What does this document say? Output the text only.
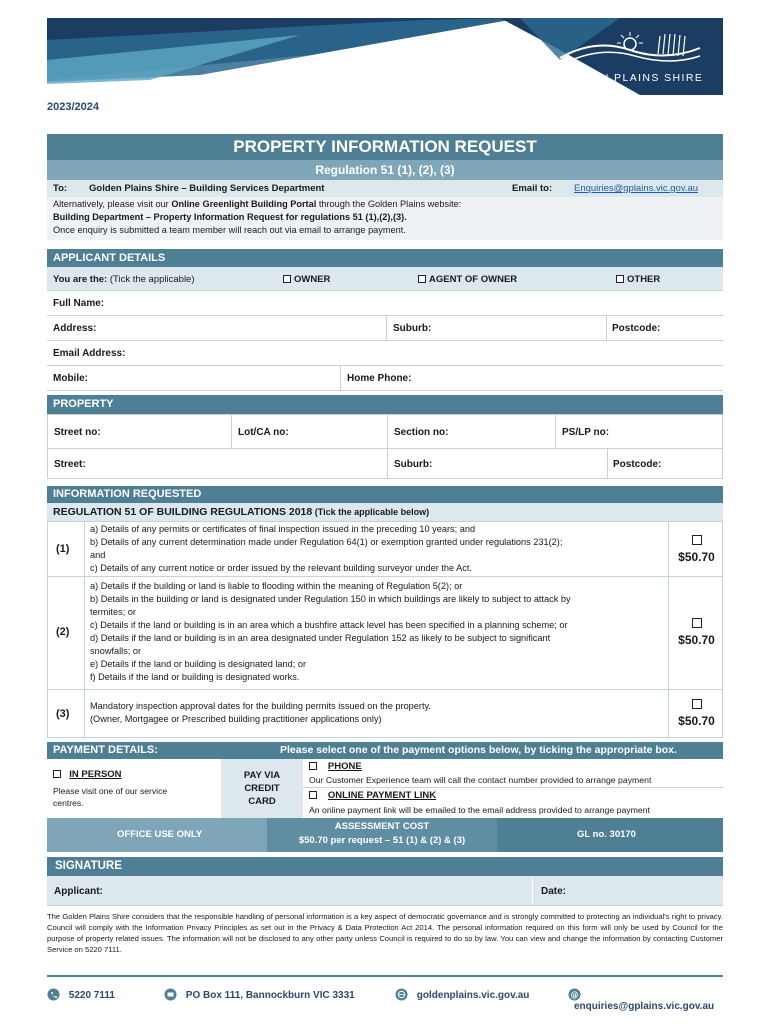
GOLDEN PLAINS SHIRE
2023/2024
PROPERTY INFORMATION REQUEST
Regulation 51 (1), (2), (3)
To: Golden Plains Shire – Building Services Department	Email to: Enquiries@gplains.vic.gov.au
Alternatively, please visit our Online Greenlight Building Portal through the Golden Plains website:
Building Department – Property Information Request for regulations 51 (1),(2),(3).
Once enquiry is submitted a team member will reach out via email to arrange payment.
APPLICANT DETAILS
You are the: (Tick the applicable)	OWNER	AGENT OF OWNER	OTHER
Full Name:
Address:	Suburb:	Postcode:
Email Address:
Mobile:	Home Phone:
PROPERTY
Street no:	Lot/CA no:	Section no:	PS/LP no:
Street:	Suburb:	Postcode:
INFORMATION REQUESTED
REGULATION 51 OF BUILDING REGULATIONS 2018 (Tick the applicable below)
(1)
a) Details of any permits or certificates of final inspection issued in the preceding 10 years; and
b) Details of any current determination made under Regulation 64(1) or exemption granted under regulations 231(2);
and
c) Details of any current notice or order issued by the relevant building surveyor under the Act.
$50.70
(2)
a) Details if the building or land is liable to flooding within the meaning of Regulation 5(2); or
b) Details in the building or land is designated under Regulation 150 in which buildings are likely to subject to attack by
termites; or
c) Details if the land or building is in an area which a bushfire attack level has been specified in a planning scheme; or
d) Details if the land or building is in an area designated under Regulation 152 as likely to be subject to significant
snowfalls; or
e) Details if the land or building is designated land; or
f) Details if the land or building is designated works.
$50.70
(3)
Mandatory inspection approval dates for the building permits issued on the property.
(Owner, Mortgagee or Prescribed building practitioner applications only)	$50.70
PAYMENT DETAILS:	Please select one of the payment options below, by ticking the appropriate box.
IN PERSON
Please visit one of our service centres.
PAY VIA
CREDIT
CARD
PHONE
Our Customer Experience team will call the contact number provided to arrange payment
ONLINE PAYMENT LINK
An online payment link will be emailed to the email address provided to arrange payment
OFFICE USE ONLY
ASSESSMENT COST
$50.70 per request – 51 (1) & (2) & (3)
GL no. 30170
SIGNATURE
Applicant:	Date:
The Golden Plains Shire considers that the responsible handling of personal information is a key aspect of democratic governance and is strongly committed to protecting an individual's right to privacy. Council will comply with the Information Privacy Principles as set out in the Privacy & Data Protection Act 2014. The personal information required on this form will only be used by Council for the purpose of property related issues. The information will not be disclosed to any other party unless Council is required to do so by law. You can view and change the information by contacting Customer Service on 5220 7111.
5220 7111	PO Box 111, Bannockburn VIC 3331	goldenplains.vic.gov.au	@
enquiries@gplains.vic.gov.au
